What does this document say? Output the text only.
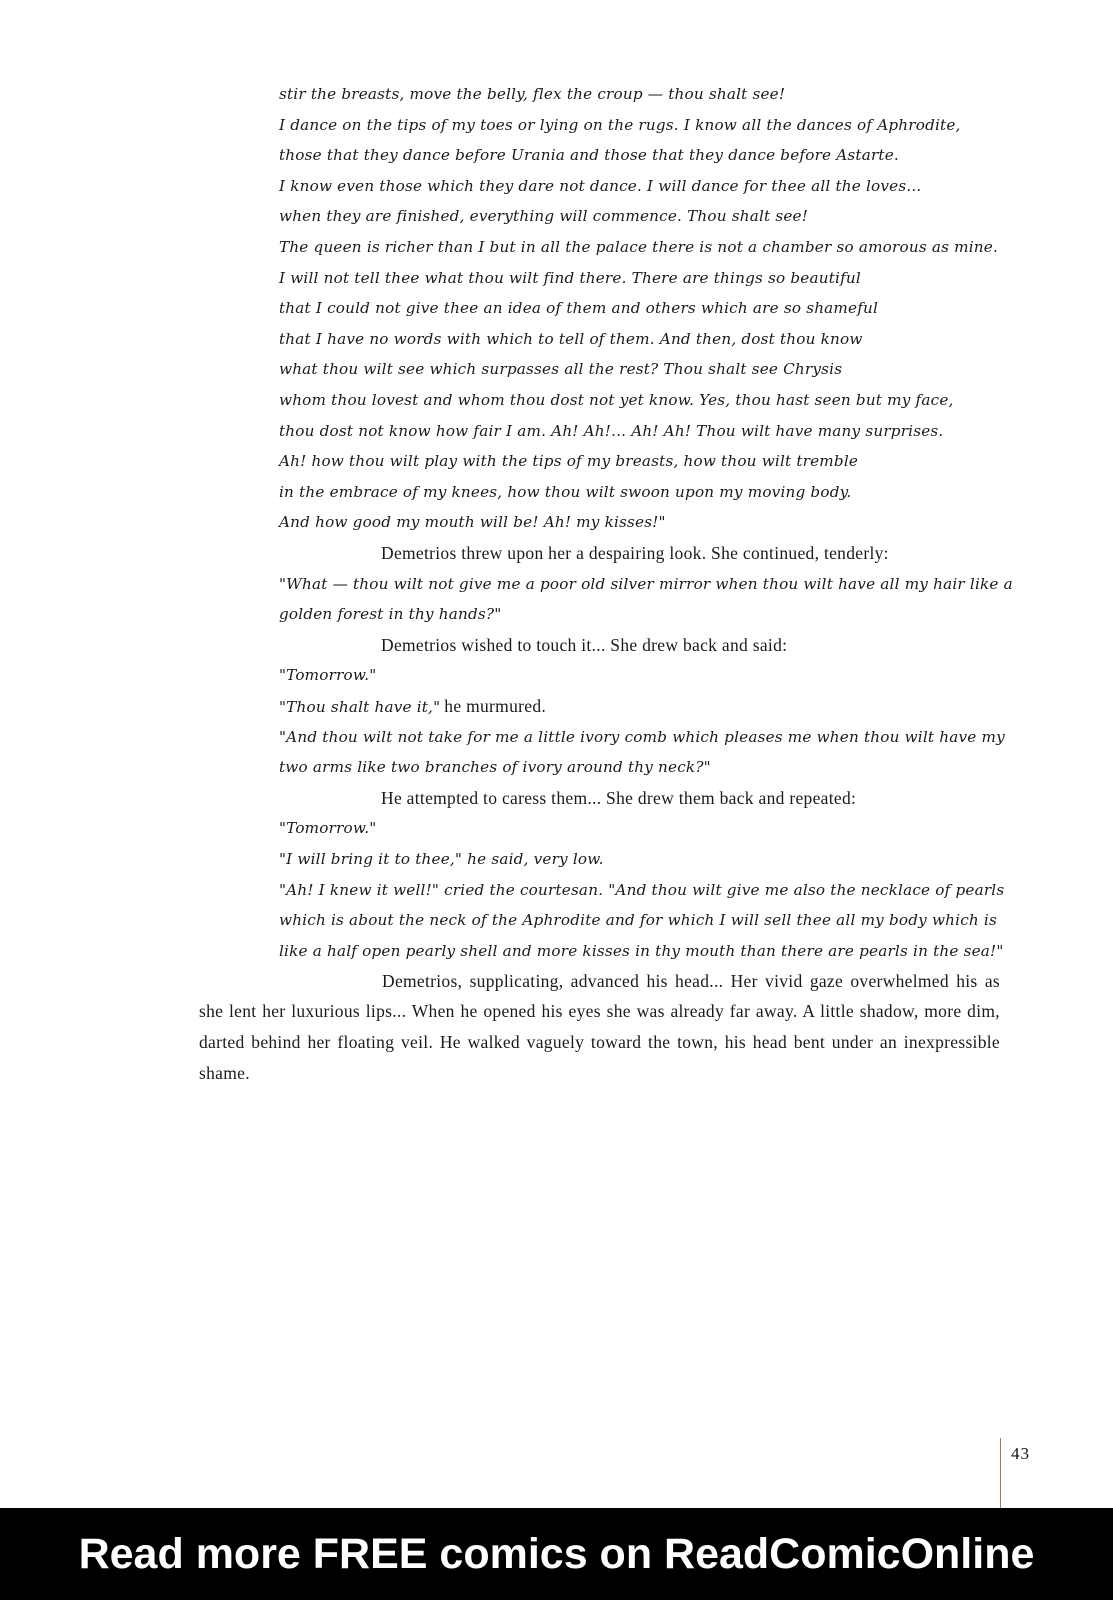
stir the breasts, move the belly, flex the croup — thou shalt see!
I dance on the tips of my toes or lying on the rugs. I know all the dances of Aphrodite,
those that they dance before Urania and those that they dance before Astarte.
I know even those which they dare not dance. I will dance for thee all the loves...
when they are finished, everything will commence. Thou shalt see!
The queen is richer than I but in all the palace there is not a chamber so amorous as mine.
I will not tell thee what thou wilt find there. There are things so beautiful
that I could not give thee an idea of them and others which are so shameful
that I have no words with which to tell of them. And then, dost thou know
what thou wilt see which surpasses all the rest? Thou shalt see Chrysis
whom thou lovest and whom thou dost not yet know. Yes, thou hast seen but my face,
thou dost not know how fair I am. Ah! Ah!... Ah! Ah! Thou wilt have many surprises.
Ah! how thou wilt play with the tips of my breasts, how thou wilt tremble
in the embrace of my knees, how thou wilt swoon upon my moving body.
And how good my mouth will be! Ah! my kisses!"
Demetrios threw upon her a despairing look. She continued, tenderly:
"What — thou wilt not give me a poor old silver mirror when thou wilt have all my hair like a
golden forest in thy hands?"
Demetrios wished to touch it... She drew back and said:
"Tomorrow."
"Thou shalt have it," he murmured.
"And thou wilt not take for me a little ivory comb which pleases me when thou wilt have my
two arms like two branches of ivory around thy neck?"
He attempted to caress them... She drew them back and repeated:
"Tomorrow."
"I will bring it to thee," he said, very low.
"Ah! I knew it well!" cried the courtesan. "And thou wilt give me also the necklace of pearls
which is about the neck of the Aphrodite and for which I will sell thee all my body which is
like a half open pearly shell and more kisses in thy mouth than there are pearls in the sea!"
Demetrios, supplicating, advanced his head... Her vivid gaze overwhelmed his as she lent her luxurious lips... When he opened his eyes she was already far away. A little shadow, more dim, darted behind her floating veil. He walked vaguely toward the town, his head bent under an inexpressible shame.
43
Read more FREE comics on ReadComicOnline
